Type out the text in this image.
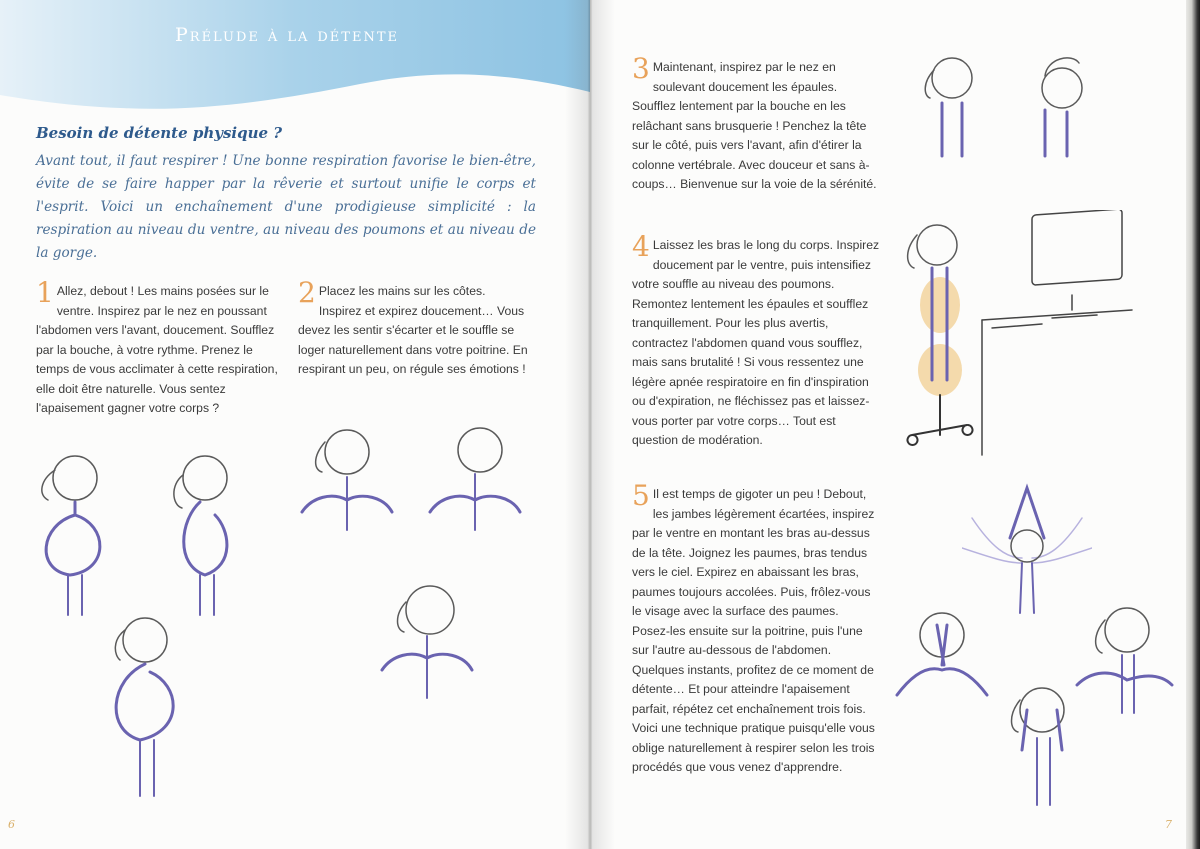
Prélude à la détente
Besoin de détente physique ?
Avant tout, il faut respirer ! Une bonne respiration favorise le bien-être, évite de se faire happer par la rêverie et surtout unifie le corps et l'esprit. Voici un enchaînement d'une prodigieuse simplicité : la respiration au niveau du ventre, au niveau des poumons et au niveau de la gorge.
1 Allez, debout ! Les mains posées sur le ventre. Inspirez par le nez en poussant l'abdomen vers l'avant, doucement. Soufflez par la bouche, à votre rythme. Prenez le temps de vous acclimater à cette respiration, elle doit être naturelle. Vous sentez l'apaisement gagner votre corps ?
2 Placez les mains sur les côtes. Inspirez et expirez doucement… Vous devez les sentir s'écarter et le souffle se loger naturellement dans votre poitrine. En respirant un peu, on régule ses émotions !
6
3 Maintenant, inspirez par le nez en soulevant doucement les épaules. Soufflez lentement par la bouche en les relâchant sans brusquerie ! Penchez la tête sur le côté, puis vers l'avant, afin d'étirer la colonne vertébrale. Avec douceur et sans à-coups… Bienvenue sur la voie de la sérénité.
4 Laissez les bras le long du corps. Inspirez doucement par le ventre, puis intensifiez votre souffle au niveau des poumons. Remontez lentement les épaules et soufflez tranquillement. Pour les plus avertis, contractez l'abdomen quand vous soufflez, mais sans brutalité ! Si vous ressentez une légère apnée respiratoire en fin d'inspiration ou d'expiration, ne fléchissez pas et laissez-vous porter par votre corps… Tout est question de modération.
5 Il est temps de gigoter un peu ! Debout, les jambes légèrement écartées, inspirez par le ventre en montant les bras au-dessus de la tête. Joignez les paumes, bras tendus vers le ciel. Expirez en abaissant les bras, paumes toujours accolées. Puis, frôlez-vous le visage avec la surface des paumes. Posez-les ensuite sur la poitrine, puis l'une sur l'autre au-dessous de l'abdomen. Quelques instants, profitez de ce moment de détente… Et pour atteindre l'apaisement parfait, répétez cet enchaînement trois fois. Voici une technique pratique puisqu'elle vous oblige naturellement à respirer selon les trois procédés que vous venez d'apprendre.
7
